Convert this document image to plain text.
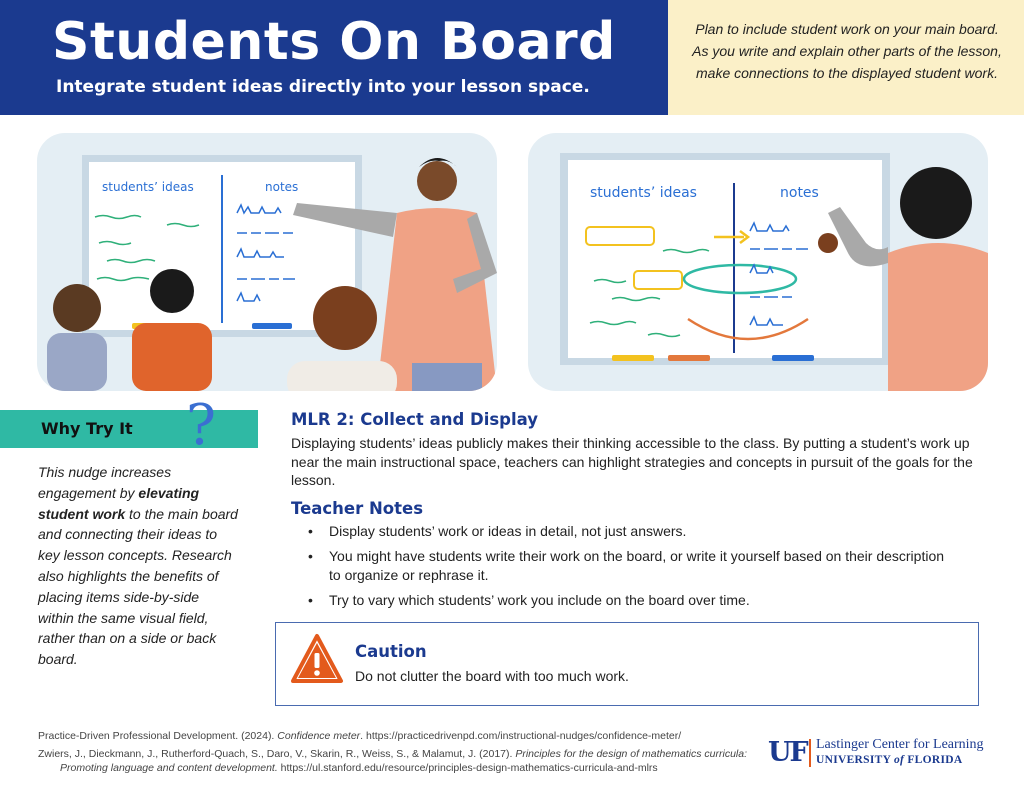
Students On Board
Integrate student ideas directly into your lesson space.

Plan to include student work on your main board. As you write and explain other parts of the lesson, make connections to the displayed student work.

students’ ideas	notes	students’ ideas	notes
Why Try It ?
This nudge increases engagement by elevating student work to the main board and connecting their ideas to key lesson concepts. Research also highlights the benefits of placing items side-by-side within the same visual field, rather than on a side or back board.
MLR 2: Collect and Display
Displaying students’ ideas publicly makes their thinking accessible to the class. By putting a student’s work up near the main instructional space, teachers can highlight strategies and concepts in pursuit of the goals for the lesson.
Teacher Notes
• Display students’ work or ideas in detail, not just answers.
• You might have students write their work on the board, or write it yourself based on their description to organize or rephrase it.
• Try to vary which students’ work you include on the board over time.
Caution
Do not clutter the board with too much work.
Practice-Driven Professional Development. (2024). Confidence meter. https://practicedrivenpd.com/instructional-nudges/confidence-meter/
Zwiers, J., Dieckmann, J., Rutherford-Quach, S., Daro, V., Skarin, R., Weiss, S., & Malamut, J. (2017). Principles for the design of mathematics curricula:
Promoting language and content development. https://ul.stanford.edu/resource/principles-design-mathematics-curricula-and-mlrs	UF Lastinger Center for Learning
UNIVERSITY of FLORIDA
